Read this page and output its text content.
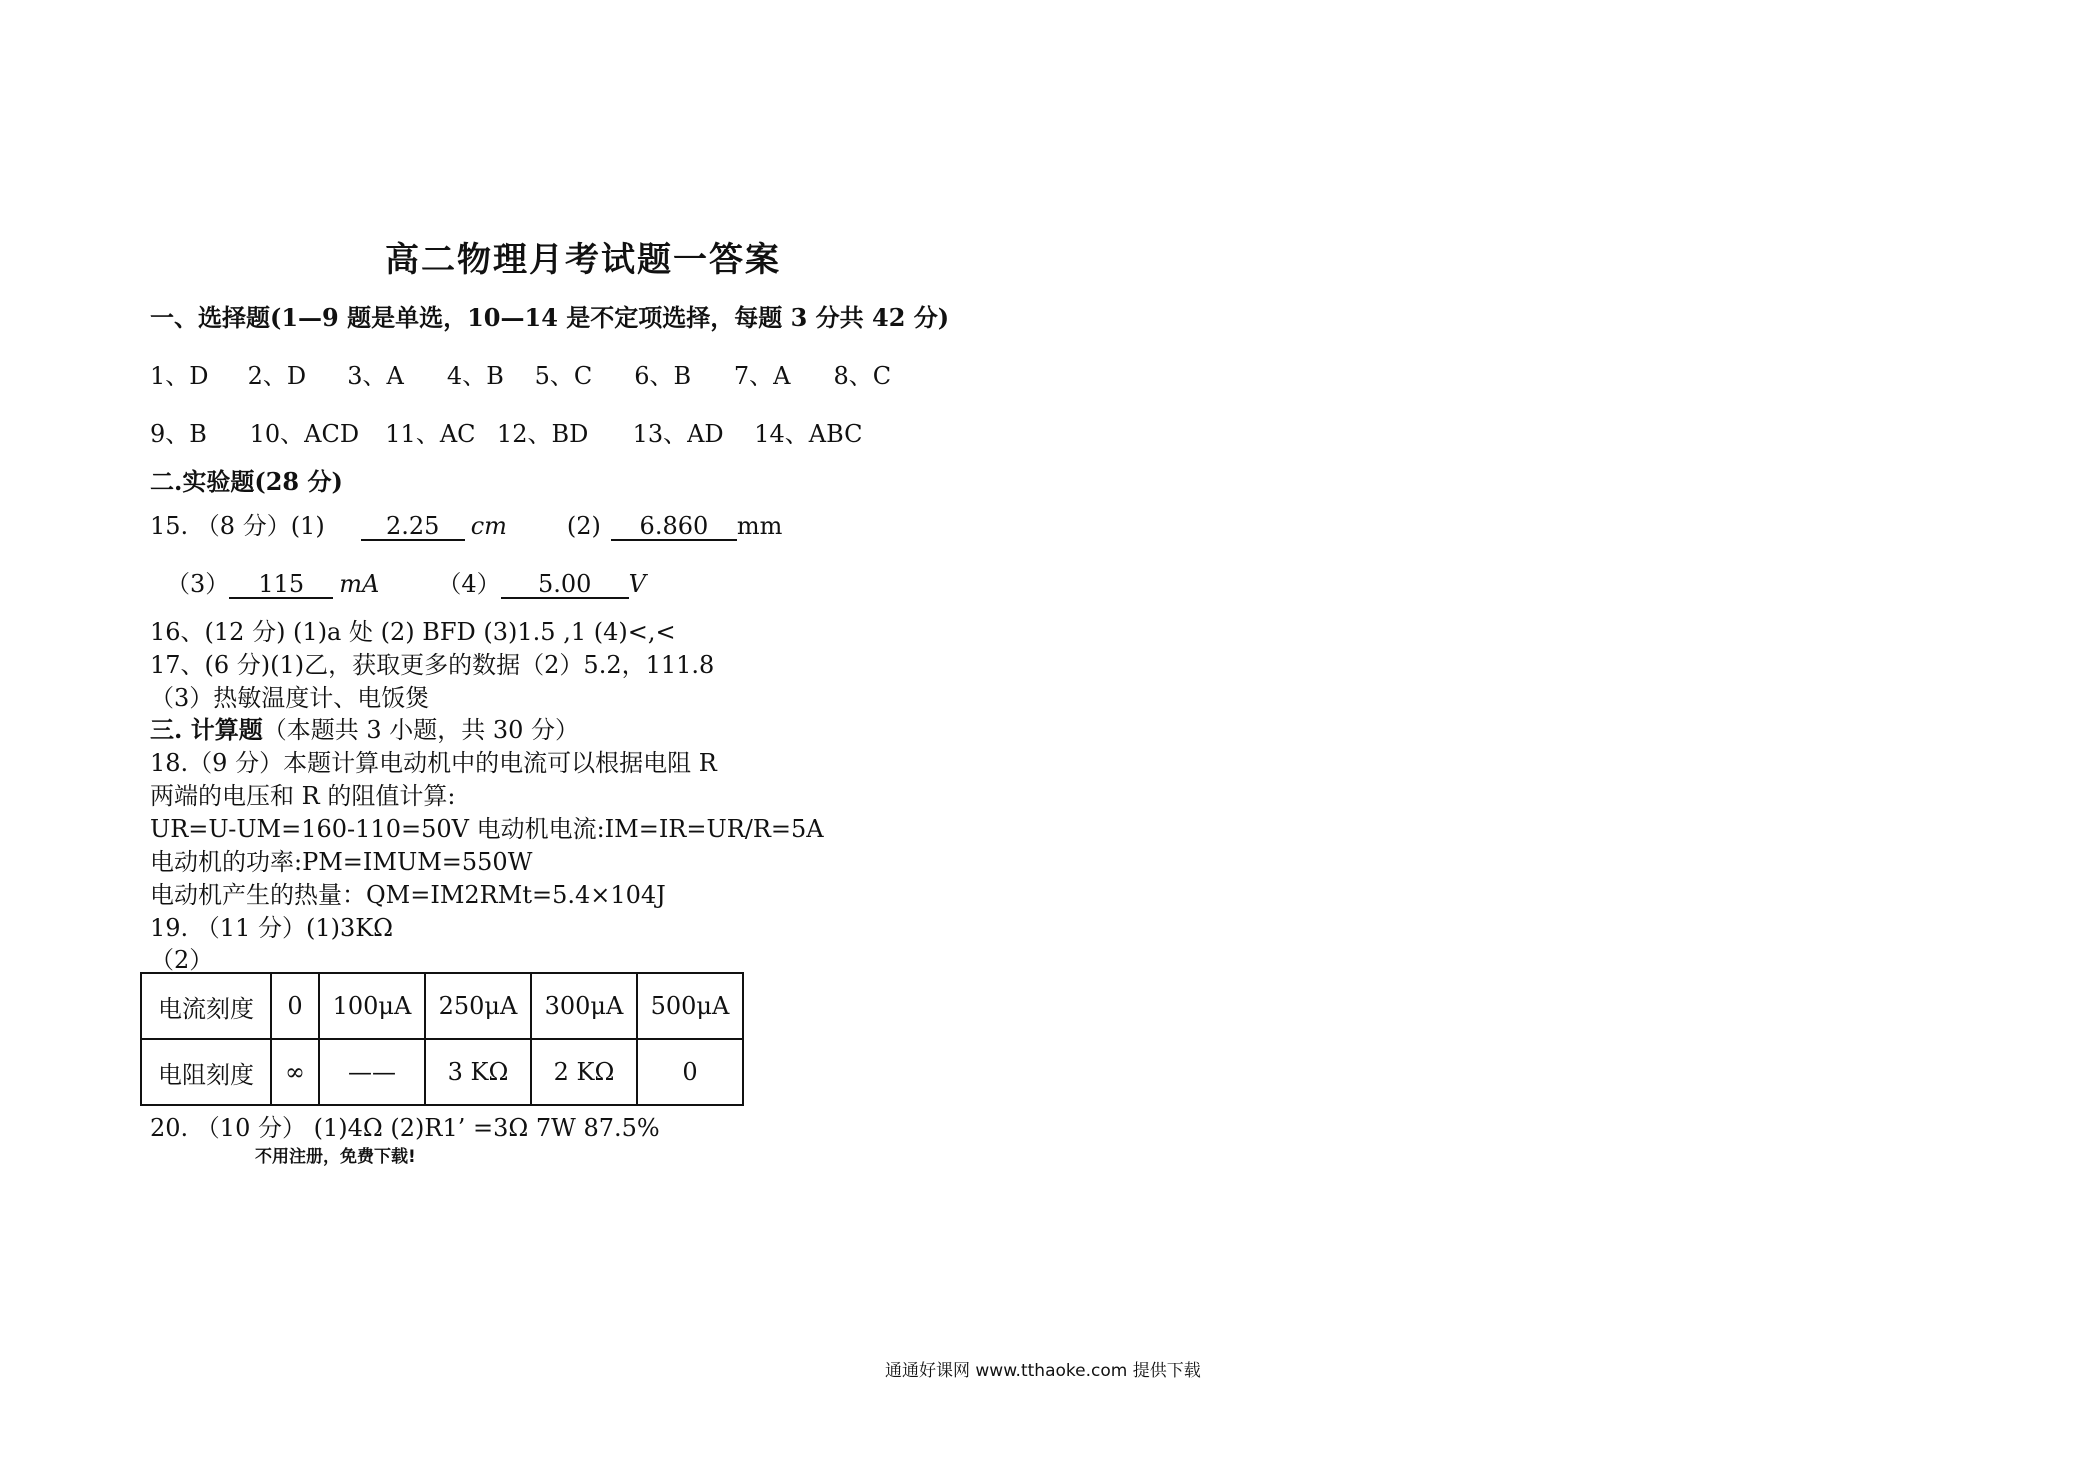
高二物理月考试题一答案
一、选择题(1—9 题是单选，10—14 是不定项选择，每题 3 分共 42 分)
1、D 2、D 3、A 4、B 5、C 6、B 7、A 8、C
9、B 10、ACD 11、AC 12、BD 13、AD 14、ABC
二.实验题(28 分)
15. （8 分）(1)	2.25 cm	(2) 6.860 mm
（3） 115 mA （4） 5.00 V
16、(12 分) (1)a 处 (2) BFD (3)1.5 ,1 (4)<,<
17、(6 分)(1)乙，获取更多的数据（2）5.2，111.8
（3）热敏温度计、电饭煲
三. 计算题（本题共 3 小题，共 30 分）
18.（9 分）本题计算电动机中的电流可以根据电阻 R
两端的电压和 R 的阻值计算:
UR=U-UM=160-110=50V 电动机电流:IM=IR=UR/R=5A
电动机的功率:PM=IMUM=550W
电动机产生的热量：QM=IM2RMt=5.4×104J
19. （11 分）(1)3KΩ
（2）
电流刻度	0	100μA	250μA	300μA	500μA
电阻刻度	∞	——	3 KΩ	2 KΩ	0
20. （10 分） (1)4Ω (2)R1’ =3Ω 7W 87.5%
不用注册，免费下载!
通通好课网 www.tthaoke.com 提供下载
